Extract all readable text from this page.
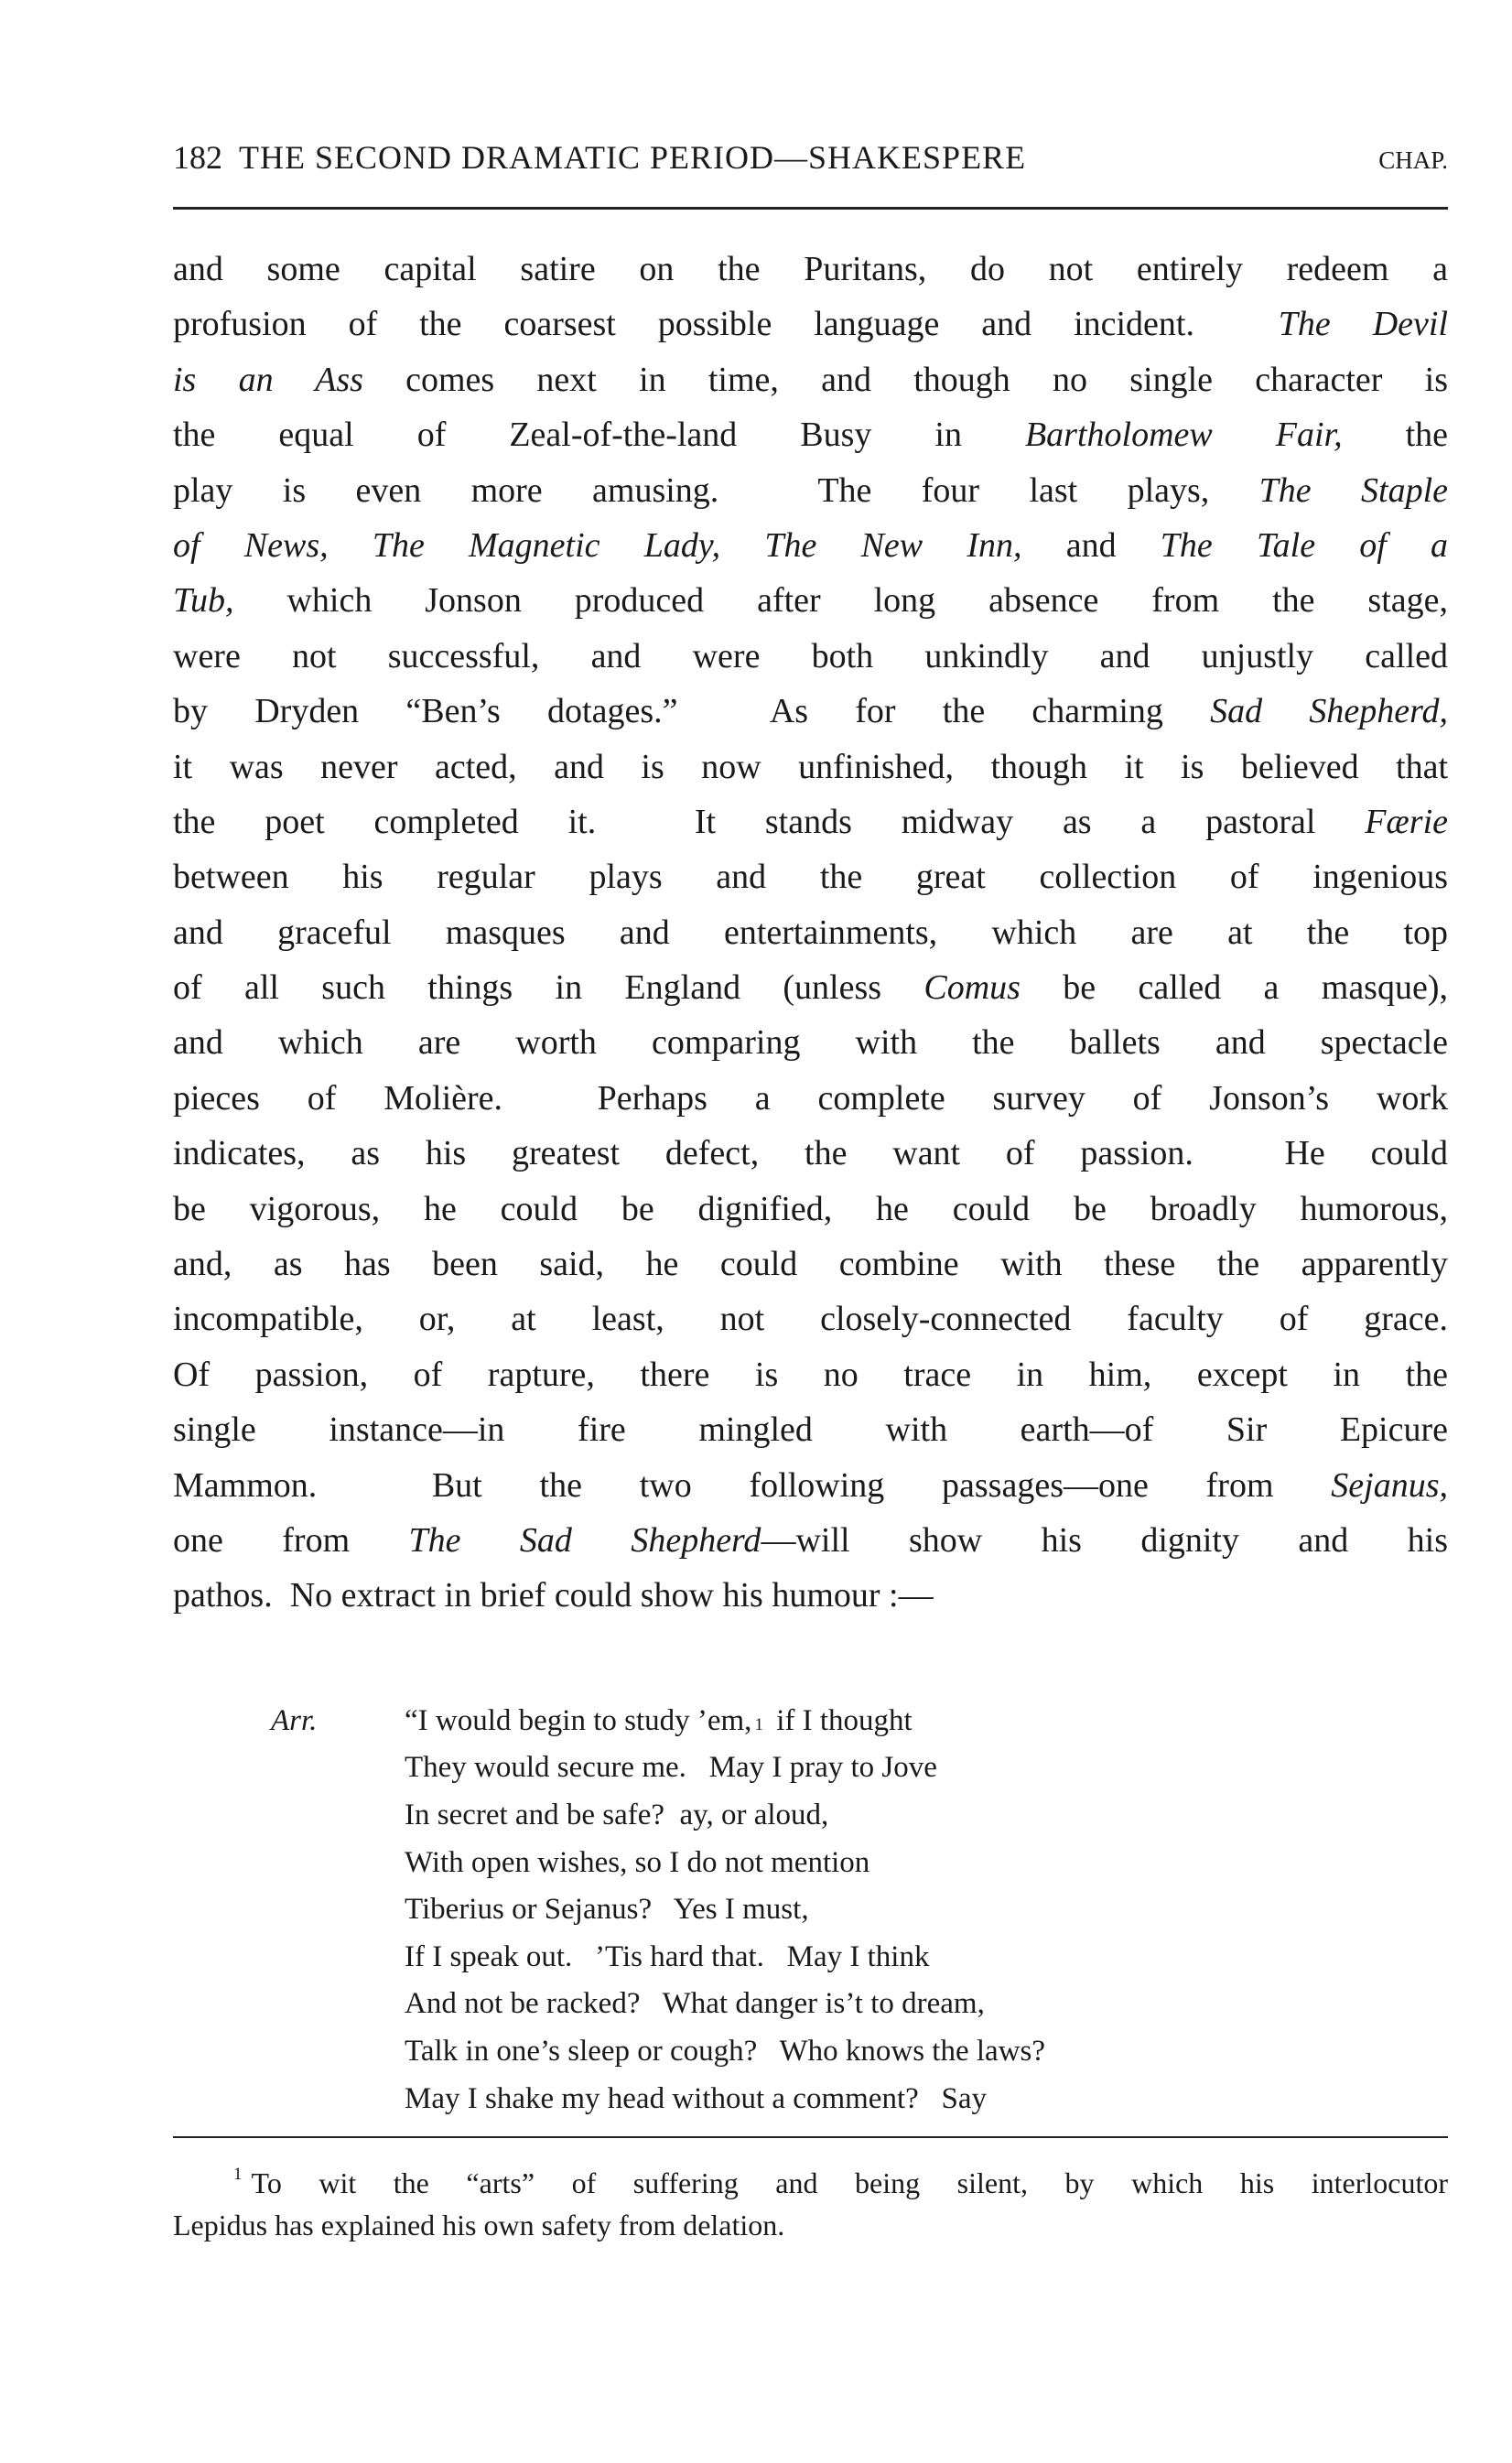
182 THE SECOND DRAMATIC PERIOD—SHAKESPERE	CHAP.
and some capital satire on the Puritans, do not entirely redeem a
profusion of the coarsest possible language and incident.  The Devil
is an Ass comes next in time, and though no single character is
the equal of Zeal-of-the-land Busy in Bartholomew Fair, the
play is even more amusing.  The four last plays, The Staple
of News, The Magnetic Lady, The New Inn, and The Tale of a
Tub, which Jonson produced after long absence from the stage,
were not successful, and were both unkindly and unjustly called
by Dryden “Ben’s dotages.”  As for the charming Sad Shepherd,
it was never acted, and is now unfinished, though it is believed that
the poet completed it.  It stands midway as a pastoral Færie
between his regular plays and the great collection of ingenious
and graceful masques and entertainments, which are at the top
of all such things in England (unless Comus be called a masque),
and which are worth comparing with the ballets and spectacle
pieces of Molière.  Perhaps a complete survey of Jonson’s work
indicates, as his greatest defect, the want of passion.  He could
be vigorous, he could be dignified, he could be broadly humorous,
and, as has been said, he could combine with these the apparently
incompatible, or, at least, not closely-connected faculty of grace.
Of passion, of rapture, there is no trace in him, except in the
single instance—in fire mingled with earth—of Sir Epicure
Mammon.  But the two following passages—one from Sejanus,
one from The Sad Shepherd—will show his dignity and his
pathos.  No extract in brief could show his humour :—
Arr.	“I would begin to study ’em, 1 if I thought
They would secure me.   May I pray to Jove
In secret and be safe?  ay, or aloud,
With open wishes, so I do not mention
Tiberius or Sejanus?   Yes I must,
If I speak out.   ’Tis hard that.   May I think
And not be racked?   What danger is’t to dream,
Talk in one’s sleep or cough?   Who knows the laws?
May I shake my head without a comment?   Say
$^1$ To wit the “arts” of suffering and being silent, by which his interlocutor
Lepidus has explained his own safety from delation.
